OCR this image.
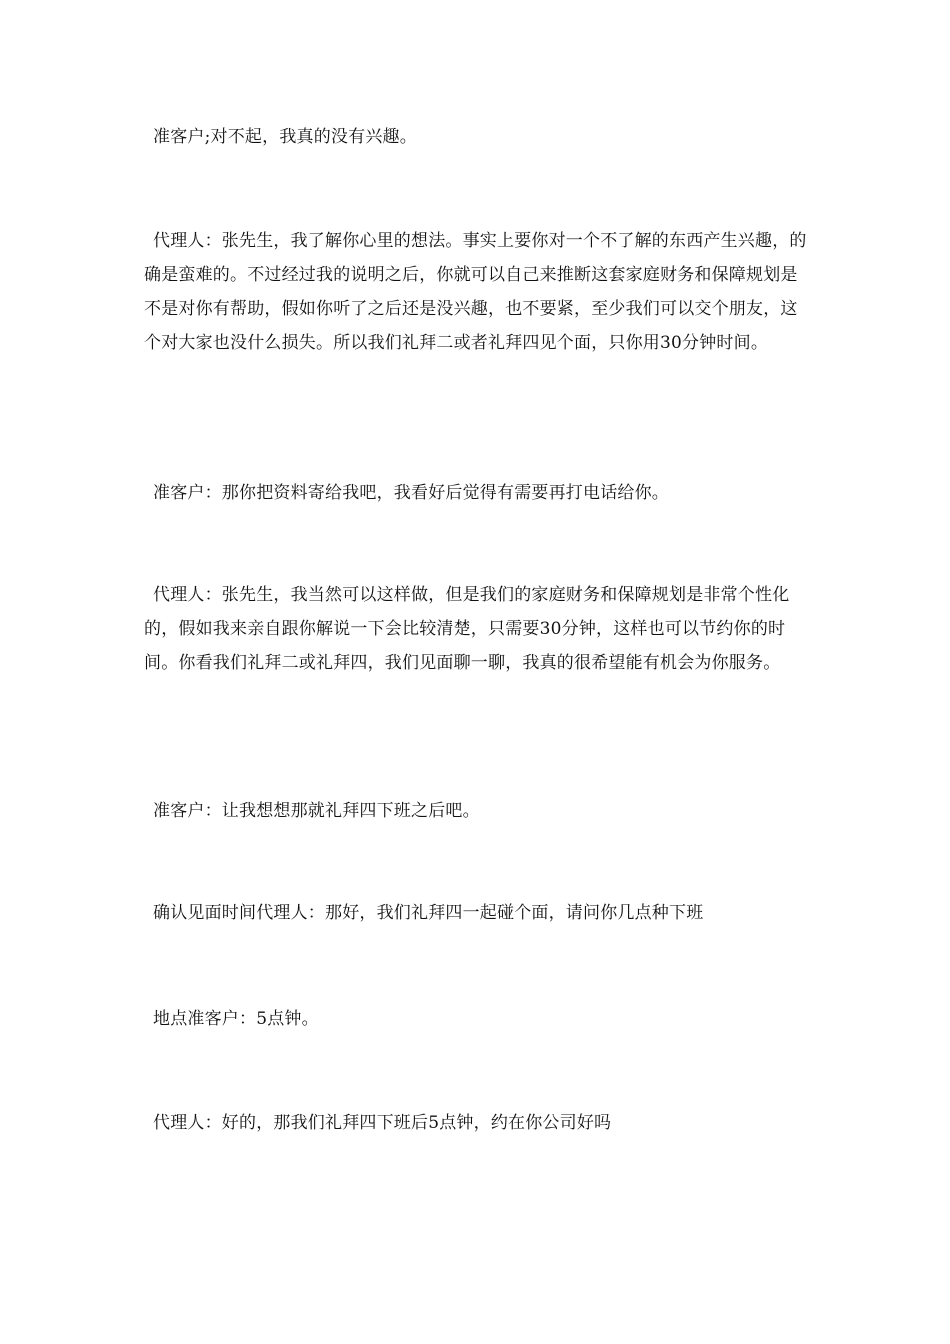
准客户;对不起，我真的没有兴趣。

代理人：张先生，我了解你心里的想法。事实上要你对一个不了解的东西产生兴趣，的确是蛮难的。不过经过我的说明之后，你就可以自己来推断这套家庭财务和保障规划是不是对你有帮助，假如你听了之后还是没兴趣，也不要紧，至少我们可以交个朋友，这个对大家也没什么损失。所以我们礼拜二或者礼拜四见个面，只你用30分钟时间。

准客户：那你把资料寄给我吧，我看好后觉得有需要再打电话给你。

代理人：张先生，我当然可以这样做，但是我们的家庭财务和保障规划是非常个性化的，假如我来亲自跟你解说一下会比较清楚，只需要30分钟，这样也可以节约你的时间。你看我们礼拜二或礼拜四，我们见面聊一聊，我真的很希望能有机会为你服务。

准客户：让我想想那就礼拜四下班之后吧。

确认见面时间代理人：那好，我们礼拜四一起碰个面，请问你几点种下班

地点准客户：5点钟。

代理人：好的，那我们礼拜四下班后5点钟，约在你公司好吗
